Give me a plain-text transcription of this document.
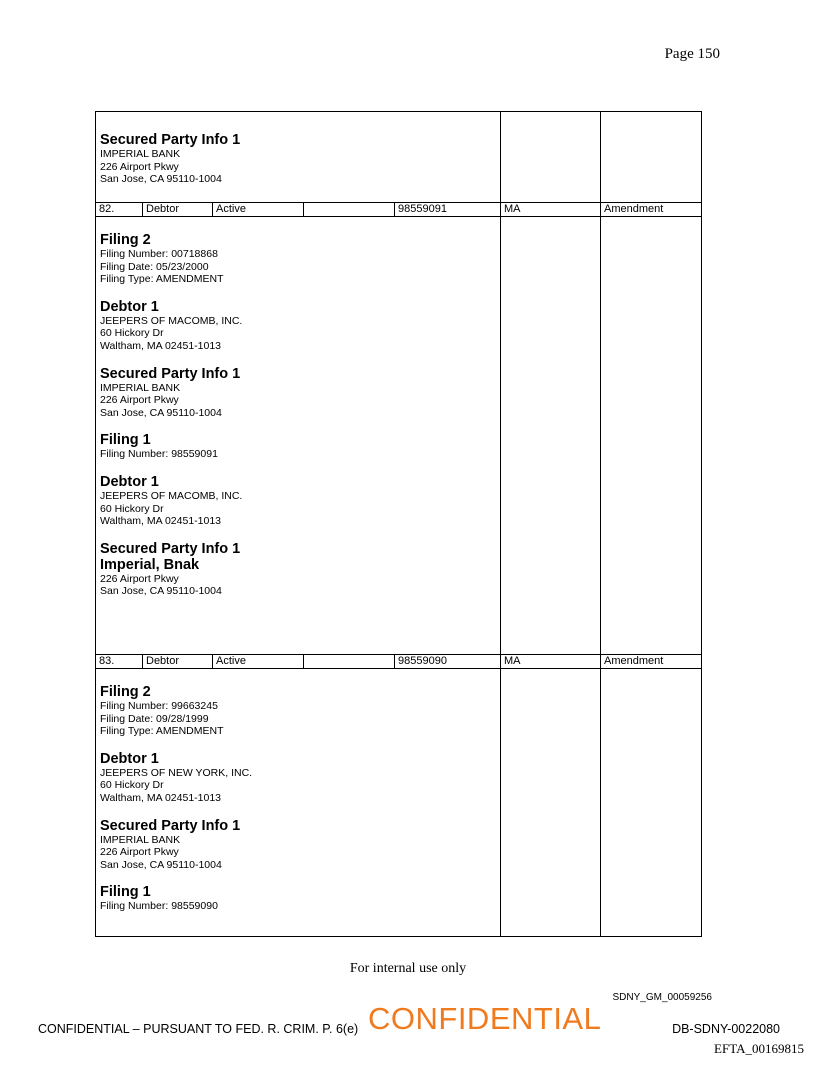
Page 150
Secured Party Info 1
IMPERIAL BANK
226 Airport Pkwy
San Jose, CA 95110-1004
82.	Debtor	Active	98559091	MA	Amendment
Filing 2
Filing Number: 00718868
Filing Date: 05/23/2000
Filing Type: AMENDMENT
Debtor 1
JEEPERS OF MACOMB, INC.
60 Hickory Dr
Waltham, MA 02451-1013
Secured Party Info 1
IMPERIAL BANK
226 Airport Pkwy
San Jose, CA 95110-1004
Filing 1
Filing Number: 98559091
Debtor 1
JEEPERS OF MACOMB, INC.
60 Hickory Dr
Waltham, MA 02451-1013
Secured Party Info 1
Imperial, Bnak
226 Airport Pkwy
San Jose, CA 95110-1004
83.	Debtor	Active	98559090	MA	Amendment
Filing 2
Filing Number: 99663245
Filing Date: 09/28/1999
Filing Type: AMENDMENT
Debtor 1
JEEPERS OF NEW YORK, INC.
60 Hickory Dr
Waltham, MA 02451-1013
Secured Party Info 1
IMPERIAL BANK
226 Airport Pkwy
San Jose, CA 95110-1004
Filing 1
Filing Number: 98559090
For internal use only
SDNY_GM_00059256
CONFIDENTIAL – PURSUANT TO FED. R. CRIM. P. 6(e) CONFIDENTIAL	DB-SDNY-0022080
EFTA_00169815
